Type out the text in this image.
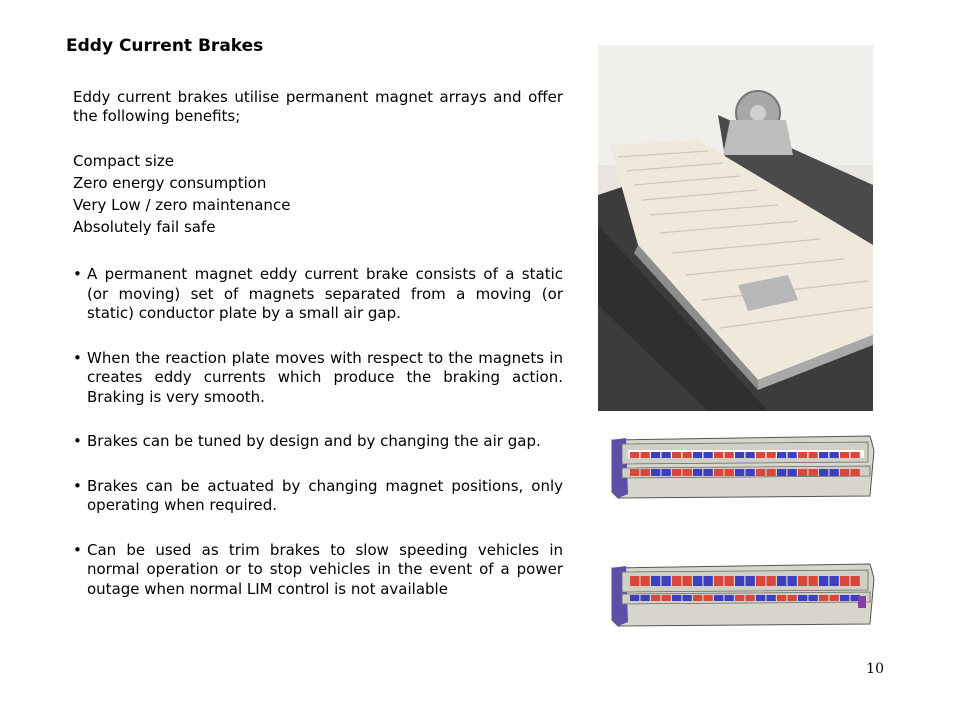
Eddy Current Brakes

Eddy current brakes utilise permanent magnet arrays and offer the following benefits;

Compact size
Zero energy consumption
Very Low / zero maintenance
Absolutely fail safe
• A permanent magnet eddy current brake consists of a static (or moving) set of magnets separated from a moving (or static) conductor plate by a small air gap.
• When the reaction plate moves with respect to the magnets in creates eddy currents which produce the braking action. Braking is very smooth.
• Brakes can be tuned by design and by changing the air gap.
• Brakes can be actuated by changing magnet positions, only operating when required.
• Can be used as trim brakes to slow speeding vehicles in normal operation or to stop vehicles in the event of a power outage when normal LIM control is not available
10
